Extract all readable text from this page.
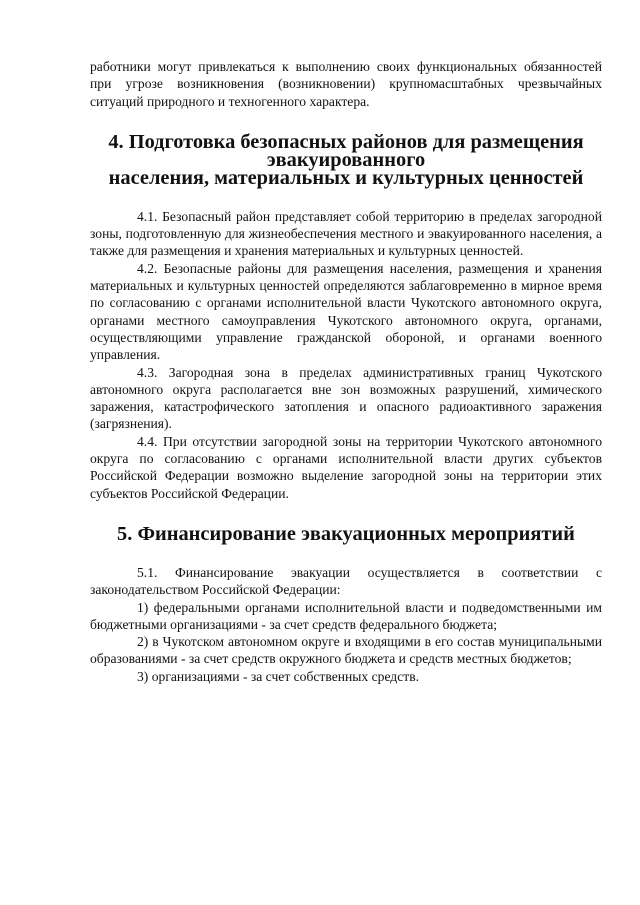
работники могут привлекаться к выполнению своих функциональных обязанностей при угрозе возникновения (возникновении) крупномасштабных чрезвычайных ситуаций природного и техногенного характера.

4. Подготовка безопасных районов для размещения эвакуированного
населения, материальных и культурных ценностей

4.1. Безопасный район представляет собой территорию в пределах загородной зоны, подготовленную для жизнеобеспечения местного и эвакуированного населения, а также для размещения и хранения материальных и культурных ценностей.

4.2. Безопасные районы для размещения населения, размещения и хранения материальных и культурных ценностей определяются заблаговременно в мирное время по согласованию с органами исполнительной власти Чукотского автономного округа, органами местного самоуправления Чукотского автономного округа, органами, осуществляющими управление гражданской обороной, и органами военного управления.

4.3. Загородная зона в пределах административных границ Чукотского автономного округа располагается вне зон возможных разрушений, химического заражения, катастрофического затопления и опасного радиоактивного заражения (загрязнения).

4.4. При отсутствии загородной зоны на территории Чукотского автономного округа по согласованию с органами исполнительной власти других субъектов Российской Федерации возможно выделение загородной зоны на территории этих субъектов Российской Федерации.

5. Финансирование эвакуационных мероприятий

5.1. Финансирование эвакуации осуществляется в соответствии с законодательством Российской Федерации:

1) федеральными органами исполнительной власти и подведомственными им бюджетными организациями - за счет средств федерального бюджета;

2) в Чукотском автономном округе и входящими в его состав муниципальными образованиями - за счет средств окружного бюджета и средств местных бюджетов;

3) организациями - за счет собственных средств.
